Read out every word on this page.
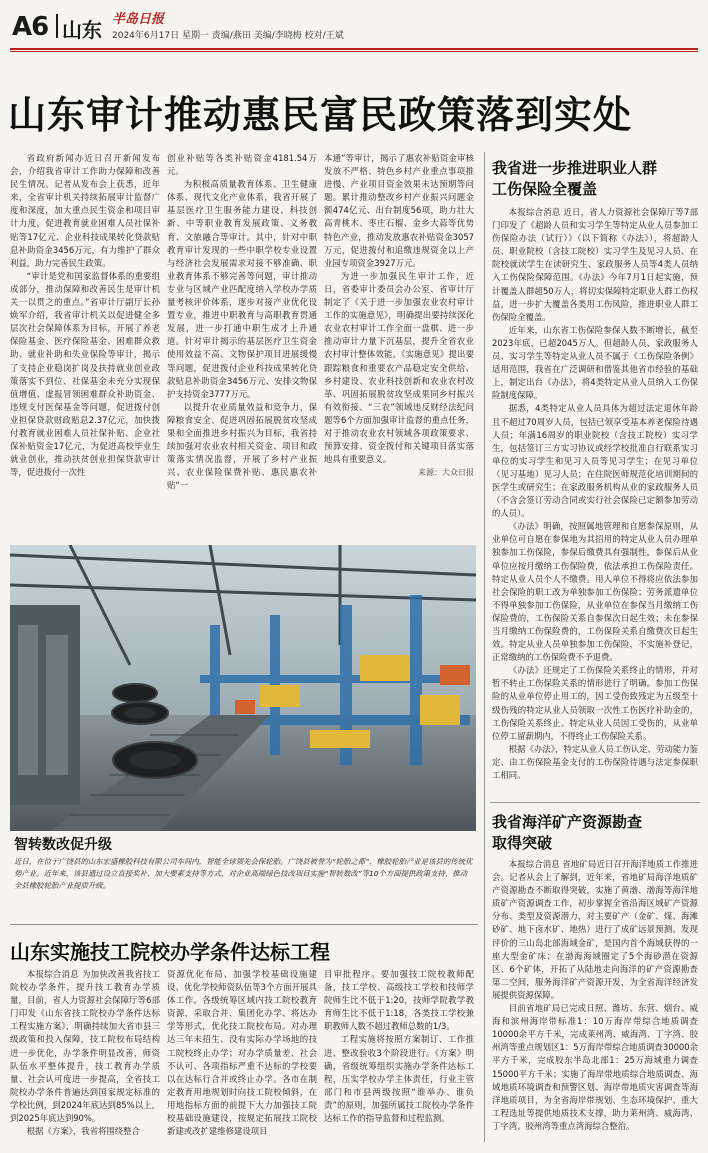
A6 山东 半岛日报
2024年6月17日 星期一 责编/燕田 美编/李晓梅 校对/王斌
山东审计推动惠民富民政策落到实处

省政府新闻办近日召开新闻发布会，介绍我省审计工作助力保障和改善民生情况。记者从发布会上获悉，近年来，全省审计机关持续拓展审计监督广度和深度，加大重点民生资金和项目审计力度，促进教育就业困难人员社保补贴等17亿元、企业科技成果转化贷款贴息补助资金3456万元，有力维护了群众利益，助力完善民生政策。

“审计是党和国家监督体系的重要组成部分，推动保障和改善民生是审计机关一以贯之的重点。”省审计厅副厅长孙焕军介绍，我省审计机关以促进健全多层次社会保障体系为目标，开展了养老保险基金、医疗保险基金、困难群众救助、就业补助和失业保险等审计，揭示了支持企业稳岗扩岗及扶持就业创业政策落实不到位、社保基金未充分实现保值增值、虚报冒领困难群众补助资金、违规支付医保基金等问题，促进拨付创业担保贷款财政贴息2.37亿元，加快拨付教育就业困难人员社保补贴、企业社保补贴资金17亿元，为促进高校毕业生就业创业，推动扶贫创业担保贷款审计等，促进拨付一次性

创业补贴等各类补贴资金4181.54万元。

为积极高质量教育体系、卫生健康体系、现代文化产业体系，我省开展了基层医疗卫生服务能力建设、科技创新、中等职业教育发展政策、义务教育、文旅融合等审计。其中，针对中职教育审计发现的一些中职学校专业设置与经济社会发展需求对接不够准确、职业教育体系不够完善等问题，审计推动专业与区域产业匹配度纳入学校办学质量考核评价体系，逐步对接产业优化设置专业，推进中职教育与高职教育贯通发展，进一步打通中职生成才上升通道。针对审计揭示的基层医疗卫生资金使用效益不高、文物保护项目进展缓慢等问题，促进拨付企业科技成果转化贷款贴息补助资金3456万元、安排文物保护支持资金3777万元。

以提升农业质量效益和竞争力，保障粮食安全、促进巩固拓展脱贫攻坚成果和全面推进乡村振兴为目标，我省持续加强对农业农村相关资金、项目和政策落实情况监督，开展了乡村产业振兴、农业保险保费补贴、惠民惠农补贴“一

本通”等审计，揭示了惠农补贴资金审核发放不严格、特色乡村产业重点事项推进慢、产业项目资金效果未达预期等问题。累计推动整改乡村产业振兴问题金额474亿元、出台制度56项，助力壮大高青桃木、枣庄石榴、金乡大蒜等优势特色产业，推动发放惠农补贴资金3057万元，促进拨付和追缴违规资金以上产业园专项资金3927万元。

为进一步加强民生审计工作，近日，省委审计委员会办公室、省审计厅制定了《关于进一步加强农业农村审计工作的实施意见》，明确提出要持续深化农业农村审计工作全面一盘棋、进一步推动审计力量下沉基层，提升全省农业农村审计整体效能。《实施意见》提出要跟踪粮食和重要农产品稳定安全供给、乡村建设、农业科技创新和农业农村改革、巩固拓展脱贫攻坚成果同乡村振兴有效衔接、“三农”领域违反财经法纪问题等6个方面加强审计监督的重点任务，对于推动农业农村领域各项政策要求、预算安排、资金拨付和关键项目落实落地具有重要意义。

来源：大众日报

我省进一步推进职业人群
工伤保险全覆盖

本报综合消息 近日，省人力资源社会保障厅等7部门印发了《超龄人员和实习学生等特定从业人员参加工伤保险办法（试行）》（以下简称《办法》），将超龄人员、职业院校（含技工院校）实习学生及见习人员、在院校就读学生在读研究生、家政服务人员等4类人员纳入工伤保险保障范围。《办法》今年7月1日起实施，预计覆盖人群超50万人，将切实保障特定职业人群工伤权益，进一步扩大覆盖各类用工伤风险，推进职业人群工伤保险全覆盖。

近年来，山东省工伤保险参保人数不断增长，截至2023年底，已超2045万人。但超龄人员、家政服务人员、实习学生等特定从业人员不属于《工伤保险条例》适用范围，我省在广泛调研和借鉴其他省市经验的基础上，制定出台《办法》，将4类特定从业人员纳入工伤保险制度保障。

据悉，4类特定从业人员具体为超过法定退休年龄且不超过70周岁人员，包括已领享受基本养老保险待遇人员；年满16周岁的职业院校（含技工院校）实习学生，包括签订三方实习协议或经学校批准自行联系实习单位的实习学生和见习人员等见习学生；在见习单位（见习基地）见习人员；在住院医师规范化培训期间的医学生或研究生；在家政服务机构从业的家政服务人员（不含会签订劳动合同或实行社会保险已定额参加劳动的人员）。

《办法》明确，按照属地管理和自愿参保原则，从业单位可自愿在参保地为其招用的特定从业人员办理单独参加工伤保险，参保后缴费具有强制性，参保后从业单位应按月缴纳工伤保险费，依法承担工伤保险责任。特定从业人员个人不缴费。用人单位不得将应依法参加社会保险的职工改为单独参加工伤保险；劳务派遣单位不得单独参加工伤保险，从业单位在参保当月缴纳工伤保险费的，工伤保险关系自参保次日起生效；未在参保当月缴纳工伤保险费的，工伤保险关系自缴费次日起生效。特定从业人员单独参加工伤保险，不实施补登记，正常缴纳的工伤保险费不予退费。

《办法》还规定了工伤保险关系终止的情形，并对暂不转止工伤保险关系的情形进行了明确。参加工伤保险的从业单位停止用工的，因工受伤致残定为五级至十级伤残的特定从业人员领取一次性工伤医疗补助金的，工伤保险关系终止。特定从业人员因工受伤的，从业单位停工留薪期内，不得终止工伤保险关系。

根据《办法》，特定从业人员工伤认定、劳动能力鉴定、由工伤保险基金支付的工伤保险待遇与法定参保职工相同。

我省海洋矿产资源勘查
取得突破

本报综合消息 省地矿局近日召开海洋地质工作推进会。记者从会上了解到，近年来，省地矿局海洋地质矿产资源勘查不断取得突破，实施了黄渤、渤海等海洋地质矿产资源调查工作，初步掌握全省沿海区域矿产资源分布、类型及资源潜力，对主要矿产（金矿、煤、海滩砂矿、地下卤水矿、地热）进行了成矿远景预测。发现评价的三山岛北部海域金矿，是国内首个海域获得的一座大型金矿床；在渤海海域圈定了5个海砂潜在资源区、6个矿体，开拓了从陆地走向海洋的矿产资源勘查第二空间，服务海洋矿产资源开发，为全省海洋经济发展提供资源保障。

目前省地矿局已完成日照、潍坊、东营、烟台、威海和滨州海岸带标准1：10万海岸带综合地质调查10000余平方千米，完成莱州湾、威海湾、丁字湾、胶州湾等重点规划区1：5万海岸带综合地质调查30000余平方千米，完成胶东半岛北部1：25万海域重力调查15000平方千米；实施了海岸带地质综合地质调查、海域地质环境调查和预警区划、海岸带地质灾害调查等海洋地质项目，为全省海岸带规划、生态环境保护、重大工程选址等提供地质技术支撑，助力莱州湾、威海湾、丁字湾、胶州湾等重点湾海综合整治。

智转数改促升级
近日，在位于广饶县的山东宏盛橡胶科技有限公司车间内，智能全球领先会保轮胎。广饶县被誉为“轮胎之都”，橡胶轮胎产业是该县的传统优势产业。近年来，该县通过设立直接奖补、加大要素支持等方式，对企业高端绿色技改项目实施“智转数改”等10个方面提供政策支持，推动全县橡胶轮胎产业提质升级。
山东实施技工院校办学条件达标工程

本报综合消息 为加快改善我省技工院校办学条件，提升技工教育办学质量，目前，省人力资源社会保障厅等6部门印发《山东省技工院校办学条件达标工程实施方案》，明确持续加大省市县三级政策和投入保障，技工院校布局结构进一步优化，办学条件明显改善，师资队伍水平整体提升，技工教育办学质量、社会认可度进一步提高，全省技工院校办学条件普遍达到国家规定标准的学校比例，到2024年底达到85%以上，到2025年底达到90%。

根据《方案》，我省将围绕整合

资源优化布局、加强学校基础设施建设、优化学校师资队伍等3个方面开展具体工作。各级统筹区域内技工院校教育资源，采取合并、集团化办学、将达办学等形式，优化技工院校布局。对办理达三年未招生、没有实际办学场地的技工院校终止办学；对办学质量差、社会不认可、各项指标严重不达标的学校要以在达标行合并或终止办学。各市在制定教育用地规划时向技工院校倾斜，在用地指标方面的前提下大力加强技工院校基础设施建设，按规定拓展技工院校新建或改扩建维修建设项目

目审批程序。要加强技工院校教师配备，技工学校、高级技工学校和技师学院师生比不低于1:20，技师学院教学教育师生比不低于1:18，各类技工学校兼职教师人数不超过教师总数的1/3。

工程实施将按照方案制订、工作推进、整改验收3个阶段进行。《方案》明确，省级统筹组织实施办学条件达标工程，压实学校办学主体责任，行业主管部门和市县两级按照“谁举办、谁负责”的原则，加强所属技工院校办学条件达标工作的指导监督和过程监测。
